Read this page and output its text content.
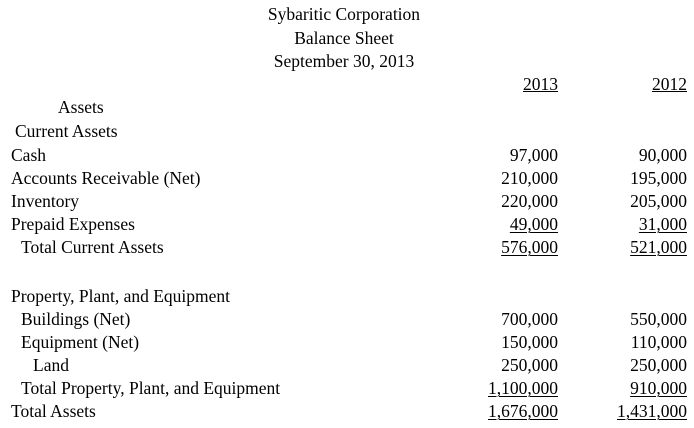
Sybaritic Corporation
Balance Sheet
September 30, 2013
2013	2012
Assets
Current Assets
Cash	97,000	90,000
Accounts Receivable (Net)	210,000	195,000
Inventory	220,000	205,000
Prepaid Expenses	49,000	31,000
Total Current Assets	576,000	521,000
Property, Plant, and Equipment
Buildings (Net)	700,000	550,000
Equipment (Net)	150,000	110,000
Land	250,000	250,000
Total Property, Plant, and Equipment	1,100,000	910,000
Total Assets	1,676,000	1,431,000
